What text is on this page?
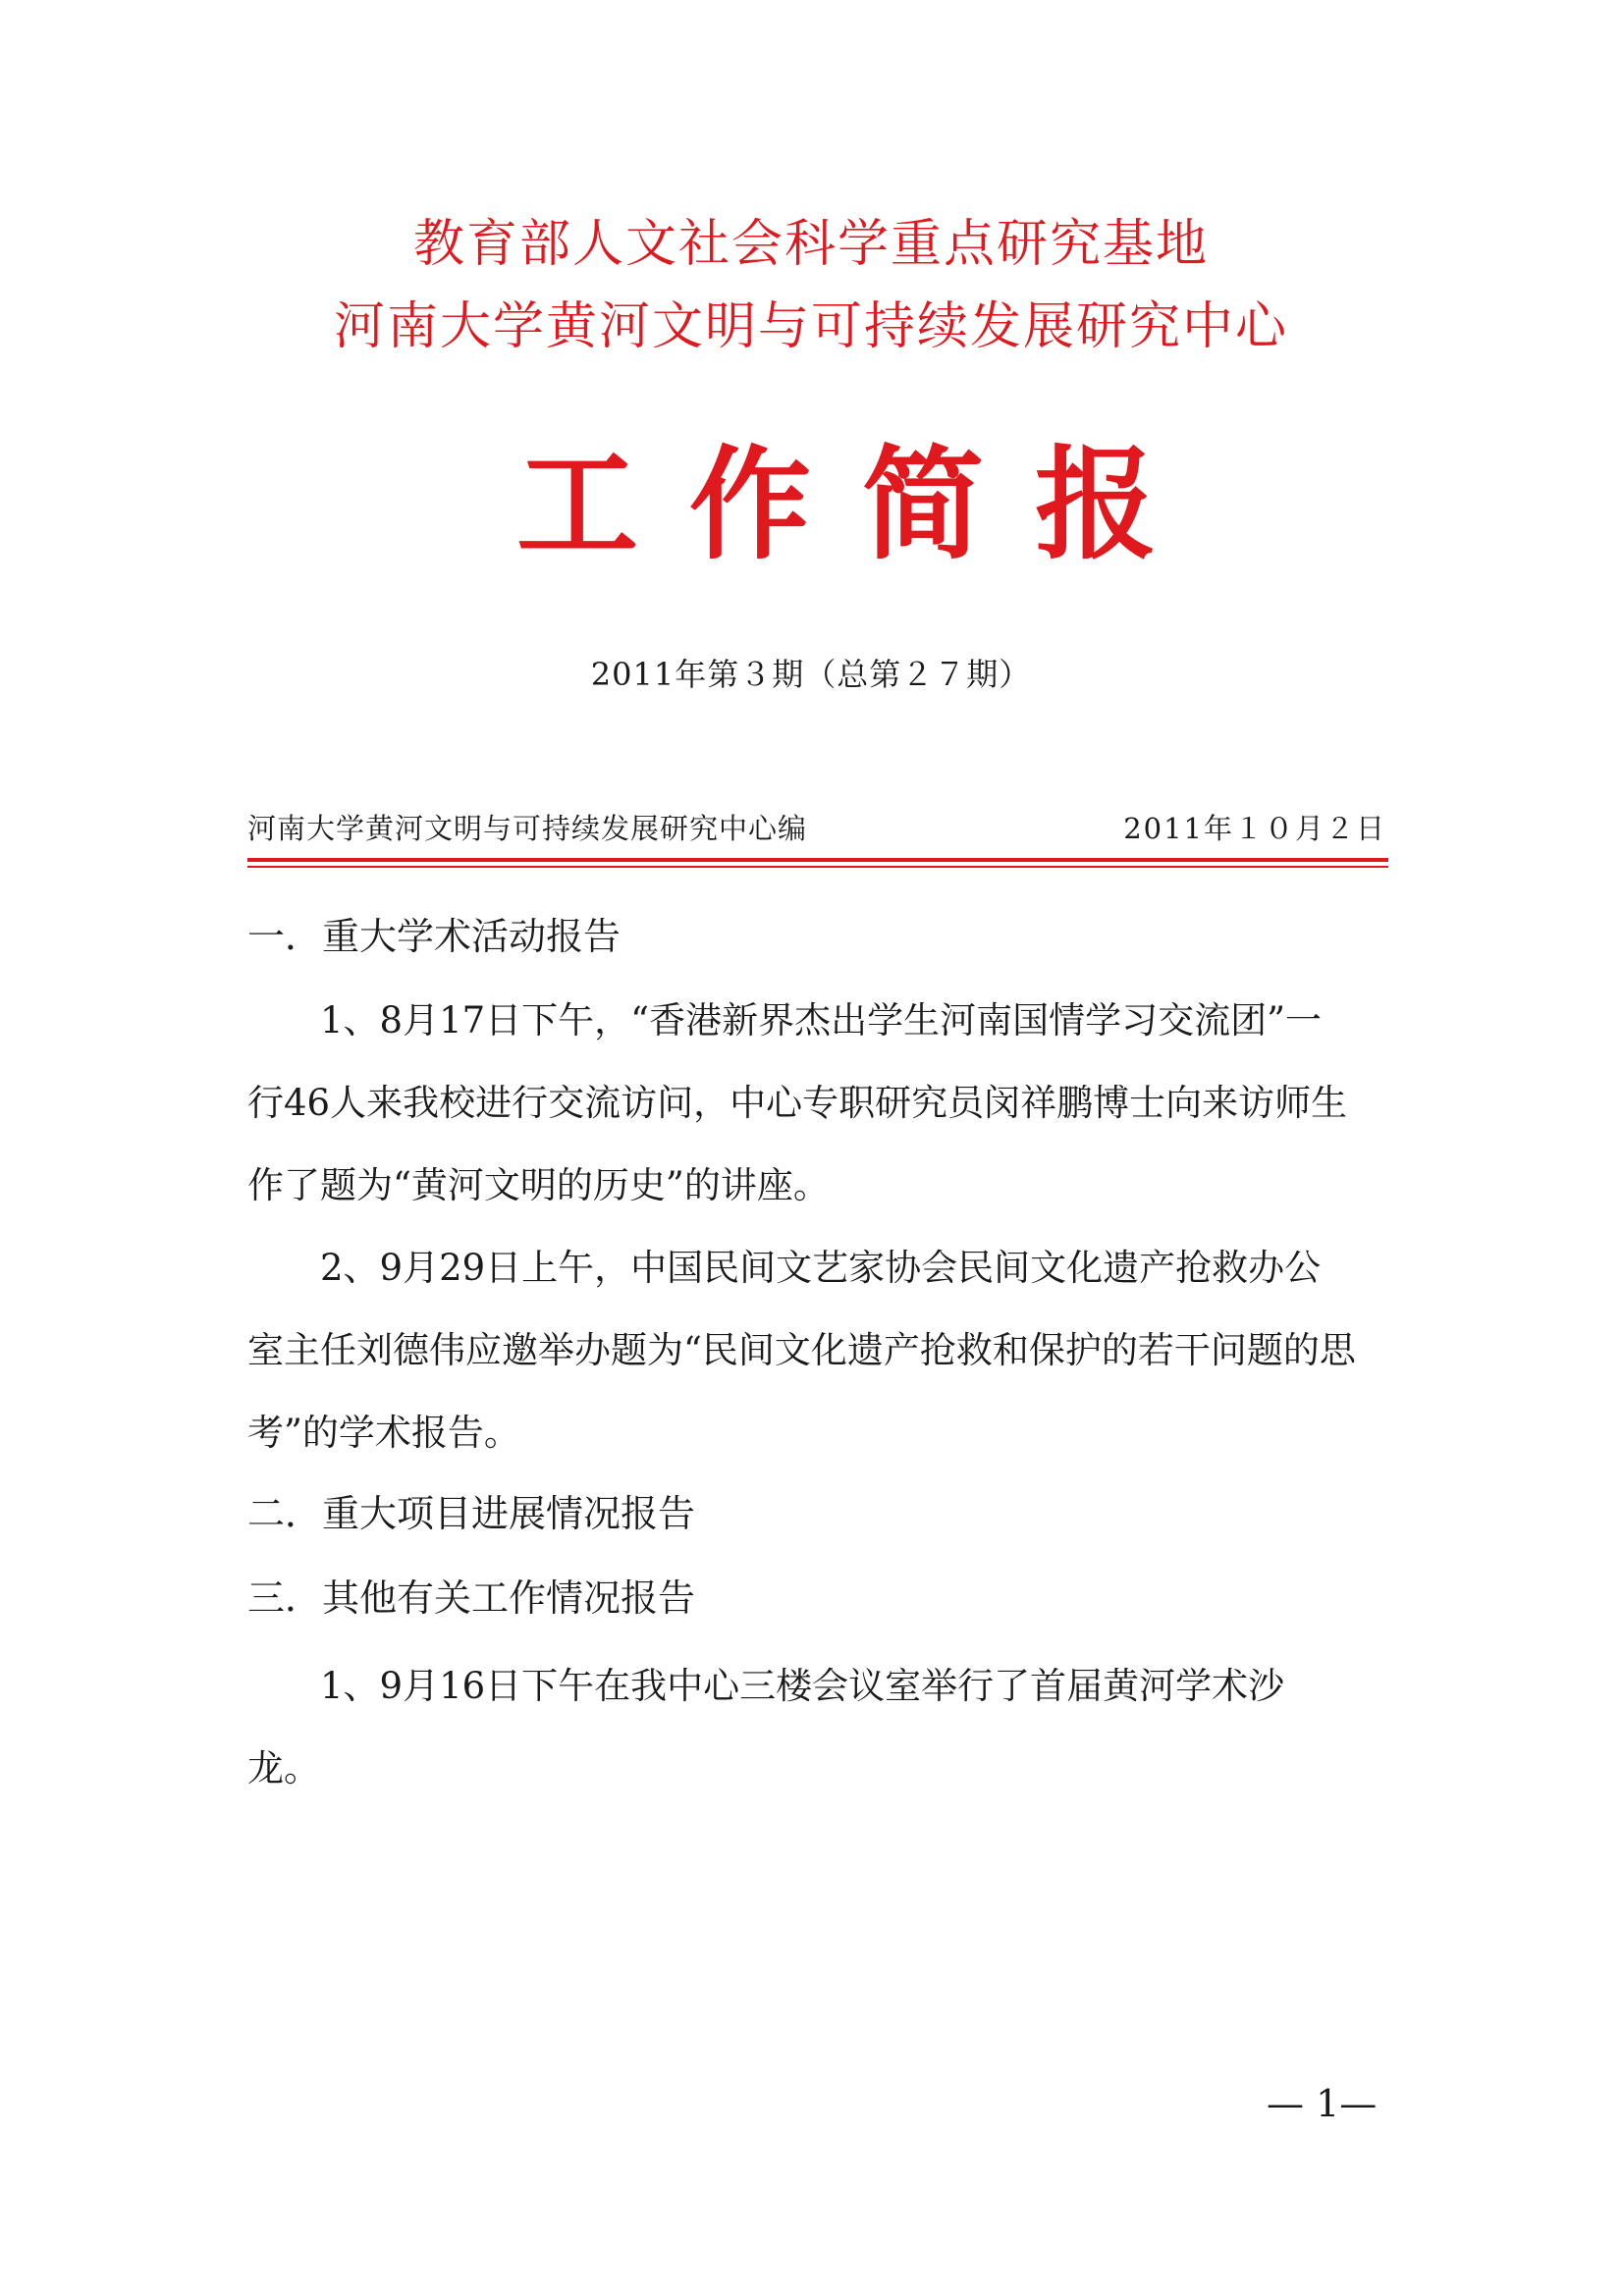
教育部人文社会科学重点研究基地
河南大学黄河文明与可持续发展研究中心
工作简报
2011年第３期（总第２７期）
河南大学黄河文明与可持续发展研究中心编	2011年１０月２日
一．重大学术活动报告
1、8月17日下午，“香港新界杰出学生河南国情学习交流团”一行46人来我校进行交流访问，中心专职研究员闵祥鹏博士向来访师生作了题为“黄河文明的历史”的讲座。
2、9月29日上午，中国民间文艺家协会民间文化遗产抢救办公室主任刘德伟应邀举办题为“民间文化遗产抢救和保护的若干问题的思考”的学术报告。
二．重大项目进展情况报告
三．其他有关工作情况报告
1、9月16日下午在我中心三楼会议室举行了首届黄河学术沙龙。
— 1—
